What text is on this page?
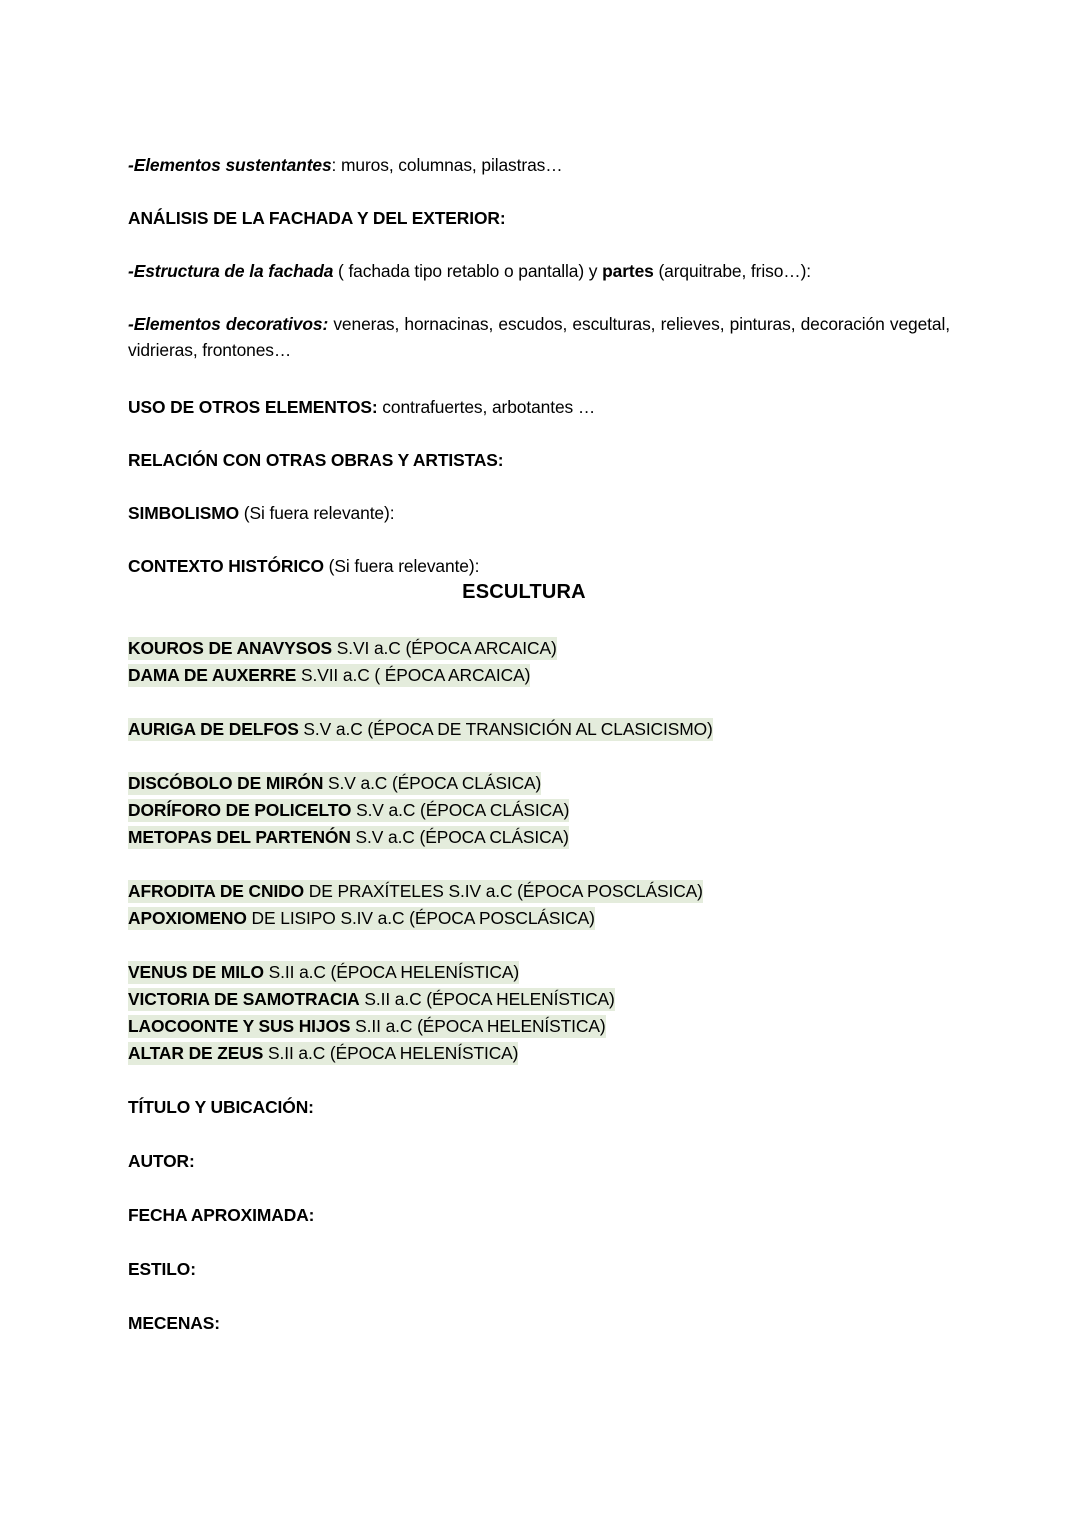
-Elementos sustentantes: muros, columnas, pilastras…

ANÁLISIS DE LA FACHADA Y DEL EXTERIOR:

-Estructura de la fachada ( fachada tipo retablo o pantalla) y partes (arquitrabe, friso…):

-Elementos decorativos: veneras, hornacinas, escudos, esculturas, relieves, pinturas, decoración vegetal, vidrieras, frontones…

USO DE OTROS ELEMENTOS: contrafuertes, arbotantes …

RELACIÓN CON OTRAS OBRAS Y ARTISTAS:

SIMBOLISMO (Si fuera relevante):

CONTEXTO HISTÓRICO (Si fuera relevante):

ESCULTURA

KOUROS DE ANAVYSOS S.VI a.C (ÉPOCA ARCAICA)

DAMA DE AUXERRE S.VII a.C ( ÉPOCA ARCAICA)

AURIGA DE DELFOS S.V a.C (ÉPOCA DE TRANSICIÓN AL CLASICISMO)

DISCÓBOLO DE MIRÓN S.V a.C (ÉPOCA CLÁSICA)

DORÍFORO DE POLICELTO S.V a.C (ÉPOCA CLÁSICA)

METOPAS DEL PARTENÓN S.V a.C (ÉPOCA CLÁSICA)

AFRODITA DE CNIDO DE PRAXÍTELES S.IV a.C (ÉPOCA POSCLÁSICA)

APOXIOMENO DE LISIPO S.IV a.C (ÉPOCA POSCLÁSICA)

VENUS DE MILO S.II a.C (ÉPOCA HELENÍSTICA)

VICTORIA DE SAMOTRACIA S.II a.C (ÉPOCA HELENÍSTICA)

LAOCOONTE Y SUS HIJOS S.II a.C (ÉPOCA HELENÍSTICA)

ALTAR DE ZEUS S.II a.C (ÉPOCA HELENÍSTICA)

TÍTULO Y UBICACIÓN:

AUTOR:

FECHA APROXIMADA:

ESTILO:

MECENAS:
